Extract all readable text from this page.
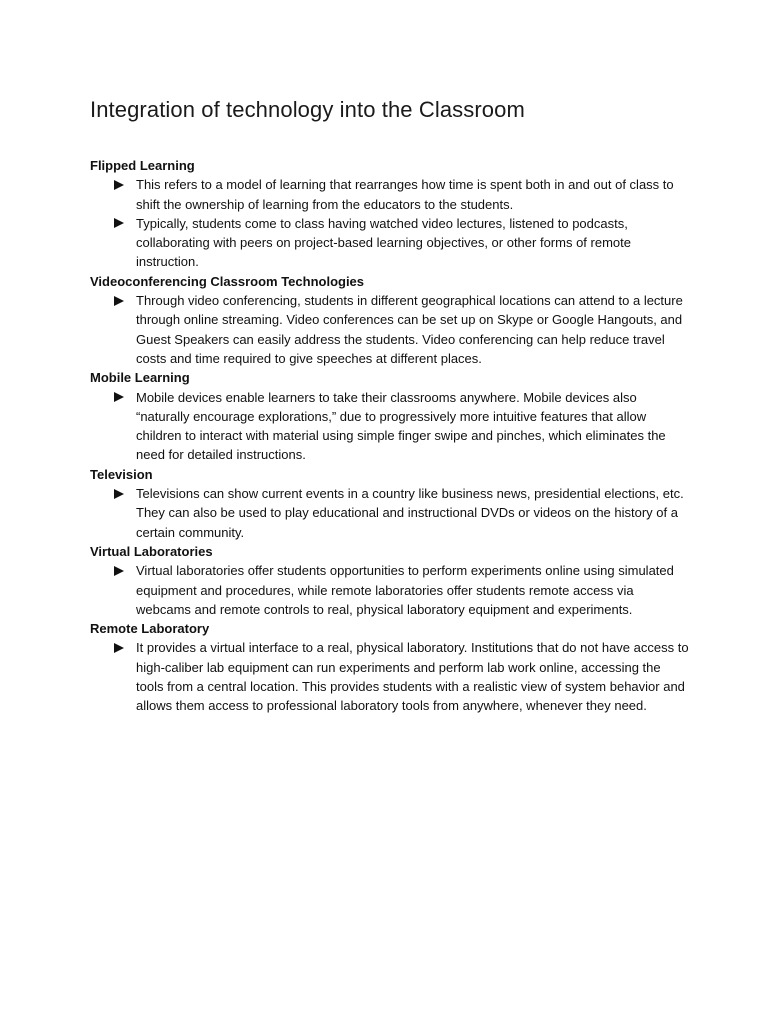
Integration of technology into the Classroom
Flipped Learning
This refers to a model of learning that rearranges how time is spent both in and out of class to shift the ownership of learning from the educators to the students.
Typically, students come to class having watched video lectures, listened to podcasts, collaborating with peers on project-based learning objectives, or other forms of remote instruction.
Videoconferencing Classroom Technologies
Through video conferencing, students in different geographical locations can attend to a lecture through online streaming. Video conferences can be set up on Skype or Google Hangouts, and Guest Speakers can easily address the students. Video conferencing can help reduce travel costs and time required to give speeches at different places.
Mobile Learning
Mobile devices enable learners to take their classrooms anywhere. Mobile devices also “naturally encourage explorations,” due to progressively more intuitive features that allow children to interact with material using simple finger swipe and pinches, which eliminates the need for detailed instructions.
Television
Televisions can show current events in a country like business news, presidential elections, etc. They can also be used to play educational and instructional DVDs or videos on the history of a certain community.
Virtual Laboratories
Virtual laboratories offer students opportunities to perform experiments online using simulated equipment and procedures, while remote laboratories offer students remote access via webcams and remote controls to real, physical laboratory equipment and experiments.
Remote Laboratory
It provides a virtual interface to a real, physical laboratory. Institutions that do not have access to high-caliber lab equipment can run experiments and perform lab work online, accessing the tools from a central location. This provides students with a realistic view of system behavior and allows them access to professional laboratory tools from anywhere, whenever they need.
